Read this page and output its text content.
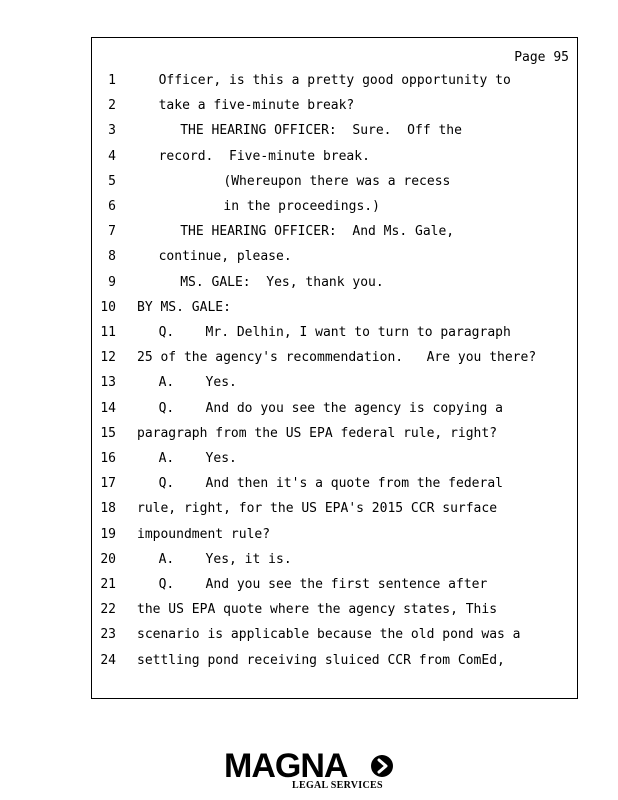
Page 95
1	Officer, is this a pretty good opportunity to
2	take a five-minute break?
3	THE HEARING OFFICER:  Sure.  Off the
4	record.  Five-minute break.
5	(Whereupon there was a recess
6	in the proceedings.)
7	THE HEARING OFFICER:  And Ms. Gale,
8	continue, please.
9	MS. GALE:  Yes, thank you.
10 BY MS. GALE:
11	Q.    Mr. Delhin, I want to turn to paragraph
12 25 of the agency's recommendation.   Are you there?
13	A.    Yes.
14	Q.    And do you see the agency is copying a
15 paragraph from the US EPA federal rule, right?
16	A.    Yes.
17	Q.    And then it's a quote from the federal
18 rule, right, for the US EPA's 2015 CCR surface
19 impoundment rule?
20	A.    Yes, it is.
21	Q.    And you see the first sentence after
22 the US EPA quote where the agency states, This
23 scenario is applicable because the old pond was a
24 settling pond receiving sluiced CCR from ComEd,
MAGNA
LEGAL SERVICES
